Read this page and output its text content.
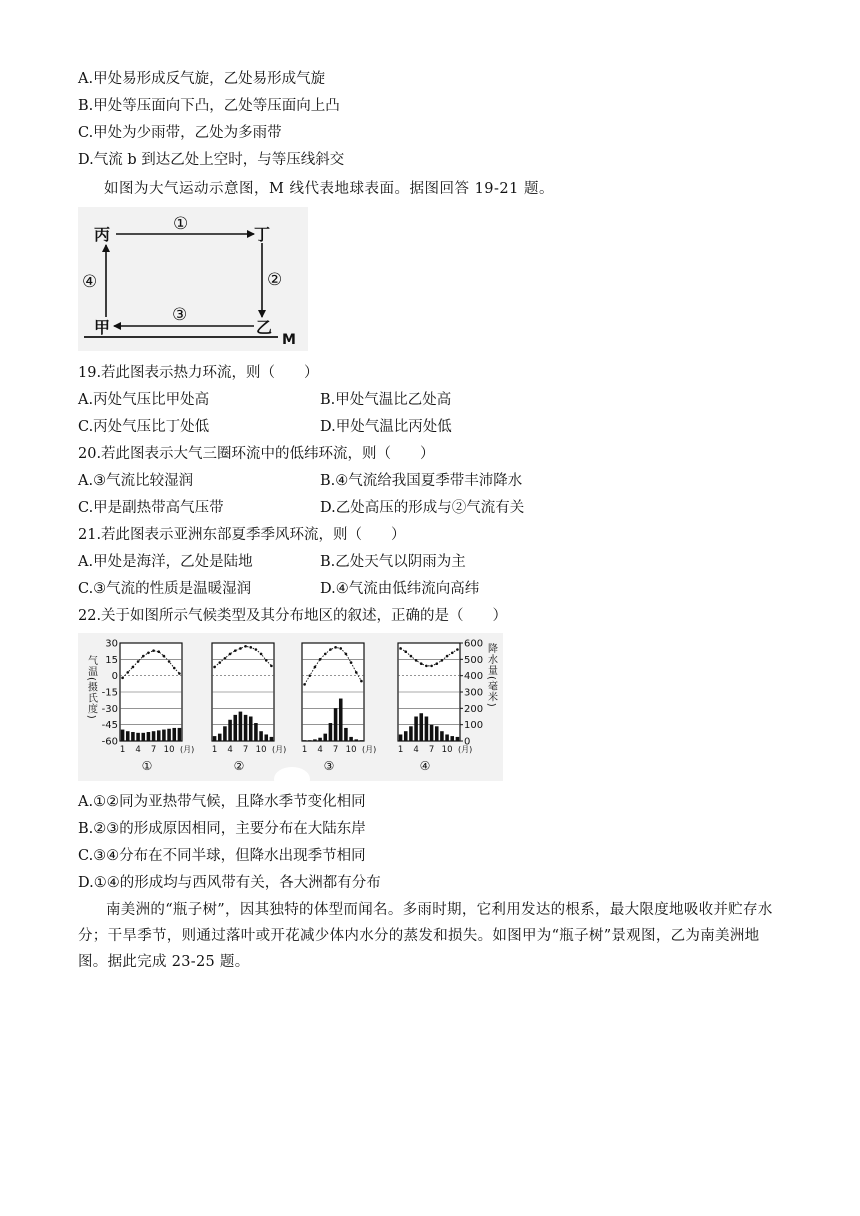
A.甲处易形成反气旋，乙处易形成气旋
B.甲处等压面向下凸，乙处等压面向上凸
C.甲处为少雨带，乙处为多雨带
D.气流 b 到达乙处上空时，与等压线斜交
如图为大气运动示意图，M 线代表地球表面。据图回答 19-21 题。
丙	丁
甲	乙
①
②
③
④
M
19.若此图表示热力环流，则（　　）
A.丙处气压比甲处高	B.甲处气温比乙处高
C.丙处气压比丁处低	D.甲处气温比丙处低
20.若此图表示大气三圈环流中的低纬环流，则（　　）
A.③气流比较湿润	B.④气流给我国夏季带丰沛降水
C.甲是副热带高气压带	D.乙处高压的形成与②气流有关
21.若此图表示亚洲东部夏季季风环流，则（　　）
A.甲处是海洋，乙处是陆地	B.乙处天气以阴雨为主
C.③气流的性质是温暖湿润	D.④气流由低纬流向高纬
22.关于如图所示气候类型及其分布地区的叙述，正确的是（　　）
气温(摄氏度)	降水量(毫米)
30
15
0
-15
-30
-45
-60
600
500
400
300
200
100
0
1 4 7 10 (月)
①
1 4 7 10 (月)
②
1 4 7 10 (月)
③
1 4 7 10 (月)
④
A.①②同为亚热带气候，且降水季节变化相同
B.②③的形成原因相同，主要分布在大陆东岸
C.③④分布在不同半球，但降水出现季节相同
D.①④的形成均与西风带有关，各大洲都有分布
南美洲的“瓶子树”，因其独特的体型而闻名。多雨时期，它利用发达的根系，最大限度地吸收并贮存水分；干旱季节，则通过落叶或开花减少体内水分的蒸发和损失。如图甲为“瓶子树”景观图，乙为南美洲地图。据此完成 23-25 题。
